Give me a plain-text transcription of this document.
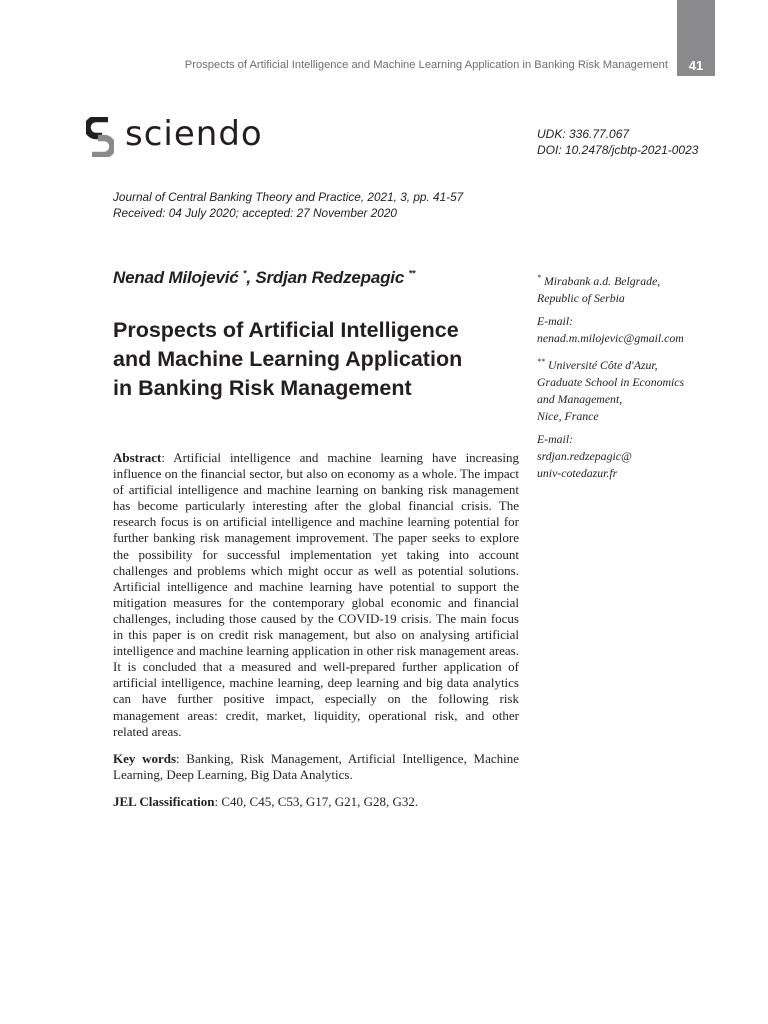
Prospects of Artificial Intelligence and Machine Learning Application in Banking Risk Management	41
sciendo	UDK: 336.77.067
DOI: 10.2478/jcbtp-2021-0023
Journal of Central Banking Theory and Practice, 2021, 3, pp. 41-57
Received: 04 July 2020; accepted: 27 November 2020
Nenad Milojević *, Srdjan Redzepagic **
Prospects of Artificial Intelligence
and Machine Learning Application
in Banking Risk Management

Abstract: Artificial intelligence and machine learning have increasing influence on the financial sector, but also on economy as a whole. The impact of artificial intelligence and machine learning on banking risk management has become particularly interesting after the global financial crisis. The research focus is on artificial intelligence and machine learning potential for further banking risk management improvement. The paper seeks to explore the possibility for successful implementation yet taking into account challenges and problems which might occur as well as potential solutions. Artificial intelligence and machine learning have potential to support the mitigation measures for the contemporary global economic and financial challenges, including those caused by the COVID-19 crisis. The main focus in this paper is on credit risk management, but also on analysing artificial intelligence and machine learning application in other risk management areas. It is concluded that a measured and well-prepared further application of artificial intelligence, machine learning, deep learning and big data analytics can have further positive impact, especially on the following risk management areas: credit, market, liquidity, operational risk, and other related areas.

Key words: Banking, Risk Management, Artificial Intelligence, Machine Learning, Deep Learning, Big Data Analytics.

JEL Classification: C40, C45, C53, G17, G21, G28, G32.

* Mirabank a.d. Belgrade,
Republic of Serbia

E-mail:
nenad.m.milojevic@gmail.com

** Université Côte d'Azur,
Graduate School in Economics
and Management,
Nice, France

E-mail:
srdjan.redzepagic@
univ-cotedazur.fr
